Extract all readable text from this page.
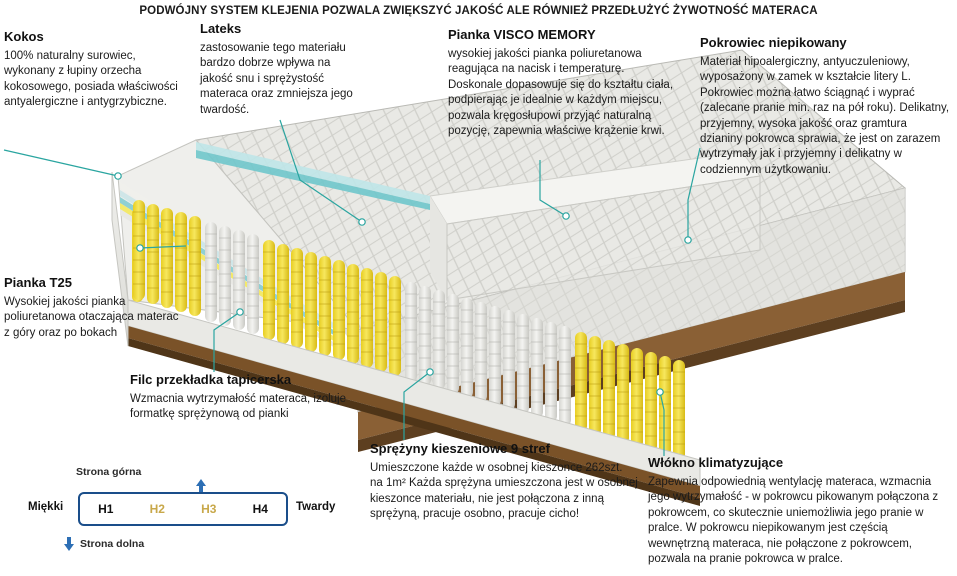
PODWÓJNY SYSTEM KLEJENIA POZWALA ZWIĘKSZYĆ JAKOŚĆ ALE RÓWNIEŻ PRZEDŁUŻYĆ ŻYWOTNOŚĆ MATERACA
Kokos
100% naturalny surowiec, wykonany z łupiny orzecha kokosowego, posiada właściwości antyalergiczne i antygrzybiczne.
Lateks
zastosowanie tego materiału bardzo dobrze wpływa na jakość snu i sprężystość materaca oraz zmniejsza jego twardość.
Pianka VISCO MEMORY
wysokiej jakości pianka poliuretanowa reagująca na nacisk i temperaturę. Doskonale dopasowuje się do kształtu ciała, podpierając je idealnie w każdym miejscu, pozwala kręgosłupowi przyjąć naturalną pozycję, zapewnia właściwe krążenie krwi.
Pokrowiec niepikowany
Materiał hipoalergiczny, antyuczuleniowy, wyposażony w zamek w kształcie litery L. Pokrowiec można łatwo ściągnąć i wyprać (zalecane pranie min. raz na pół roku). Delikatny, przyjemny, wysoka jakość oraz gramtura dzianiny pokrowca sprawia, że jest on zarazem wytrzymały jak i przyjemny i delikatny w codziennym użytkowaniu.
Pianka T25
Wysokiej jakości pianka poliuretanowa otaczająca materac z góry oraz po bokach
Filc przekładka tapicerska
Wzmacnia wytrzymałość materaca, izoluje formatkę sprężynową od pianki
Sprężyny kieszeniowe 9 stref
Umieszczone każde w osobnej kieszonce 262szt. na 1m² Każda sprężyna umieszczona jest w osobnej kieszonce materiału, nie jest połączona z inną sprężyną, pracuje osobno, pracuje cicho!
Włókno klimatyzujące
Zapewnia odpowiednią wentylację materaca, wzmacnia jego wytrzymałość - w pokrowcu pikowanym połączona z pokrowcem, co skutecznie uniemożliwia jego pranie w pralce. W pokrowcu niepikowanym jest częścią wewnętrzną materaca, nie połączone z pokrowcem, pozwala na pranie pokrowca w pralce.
Strona górna
Miękki	H1	H2	H3	H4	Twardy
Strona dolna
